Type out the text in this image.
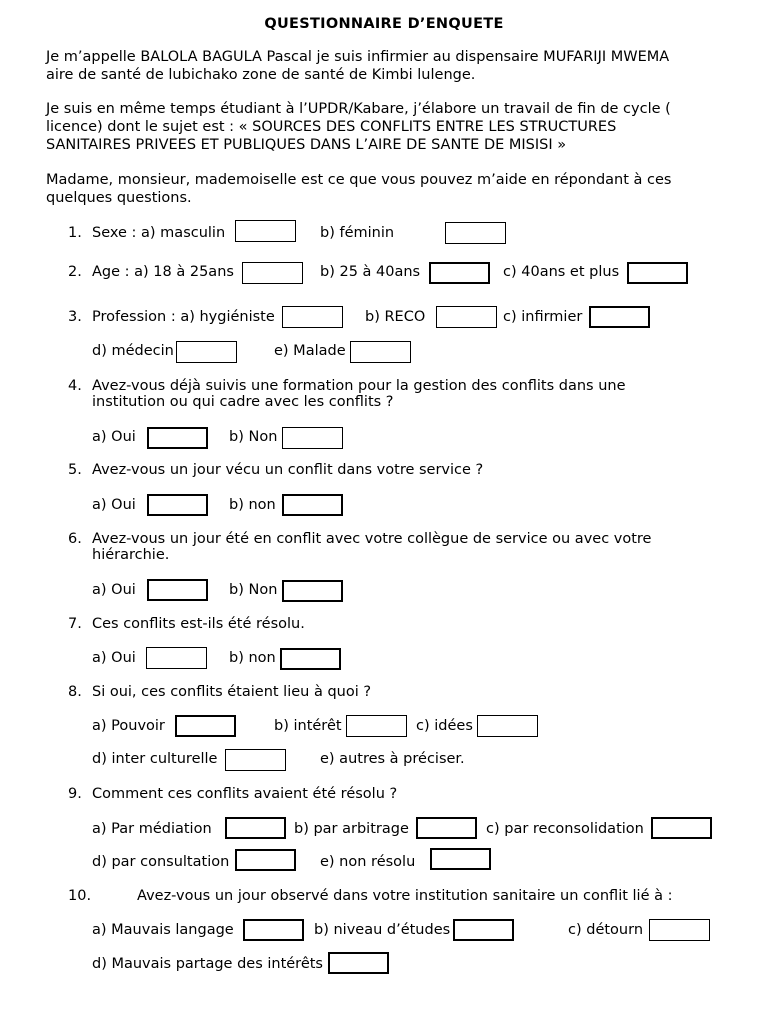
QUESTIONNAIRE D’ENQUETE
Je m’appelle BALOLA BAGULA Pascal je suis infirmier au dispensaire MUFARIJI MWEMA
aire de santé de lubichako zone de santé de Kimbi lulenge.
Je suis en même temps étudiant à l’UPDR/Kabare, j’élabore un travail de fin de cycle (
licence) dont le sujet est : « SOURCES DES CONFLITS ENTRE LES STRUCTURES
SANITAIRES PRIVEES ET PUBLIQUES DANS L’AIRE DE SANTE DE MISISI »
Madame, monsieur, mademoiselle est ce que vous pouvez m’aide en répondant à ces
quelques questions.
1. Sexe : a) masculin	b) féminin
2. Age : a) 18 à 25ans	b) 25 à 40ans	c) 40ans et plus
3. Profession : a) hygiéniste	b) RECO	c) infirmier
d) médecin	e) Malade
4. Avez-vous déjà suivis une formation pour la gestion des conflits dans une
institution ou qui cadre avec les conflits ?
a) Oui	b) Non
5. Avez-vous un jour vécu un conflit dans votre service ?
a) Oui	b) non
6. Avez-vous un jour été en conflit avec votre collègue de service ou avec votre
hiérarchie.
a) Oui	b) Non
7. Ces conflits est-ils été résolu.
a) Oui	b) non
8. Si oui, ces conflits étaient lieu à quoi ?
a) Pouvoir	b) intérêt	c) idées
d) inter culturelle	e) autres à préciser.
9. Comment ces conflits avaient été résolu ?
a) Par médiation	b) par arbitrage	c) par reconsolidation
d) par consultation	e) non résolu
10.	Avez-vous un jour observé dans votre institution sanitaire un conflit lié à :
a) Mauvais langage	b) niveau d’études	c) détourn
d) Mauvais partage des intérêts
